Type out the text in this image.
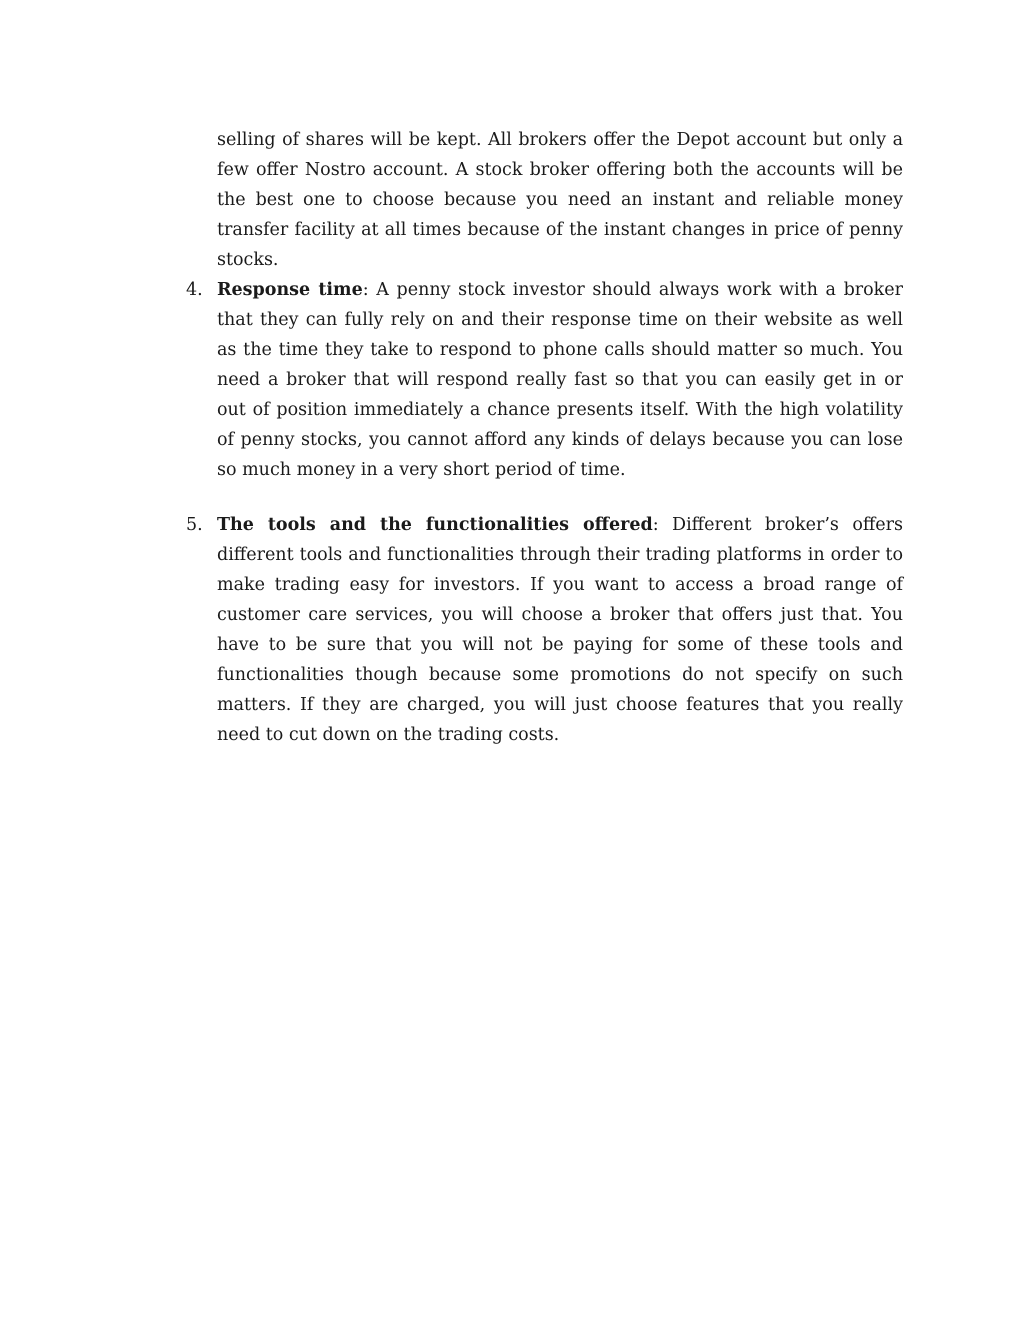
selling of shares will be kept. All brokers offer the Depot account but only a few offer Nostro account. A stock broker offering both the accounts will be the best one to choose because you need an instant and reliable money transfer facility at all times because of the instant changes in price of penny stocks.

4. Response time: A penny stock investor should always work with a broker that they can fully rely on and their response time on their website as well as the time they take to respond to phone calls should matter so much. You need a broker that will respond really fast so that you can easily get in or out of position immediately a chance presents itself. With the high volatility of penny stocks, you cannot afford any kinds of delays because you can lose so much money in a very short period of time.

5. The tools and the functionalities offered: Different broker’s offers different tools and functionalities through their trading platforms in order to make trading easy for investors. If you want to access a broad range of customer care services, you will choose a broker that offers just that. You have to be sure that you will not be paying for some of these tools and functionalities though because some promotions do not specify on such matters. If they are charged, you will just choose features that you really need to cut down on the trading costs.
